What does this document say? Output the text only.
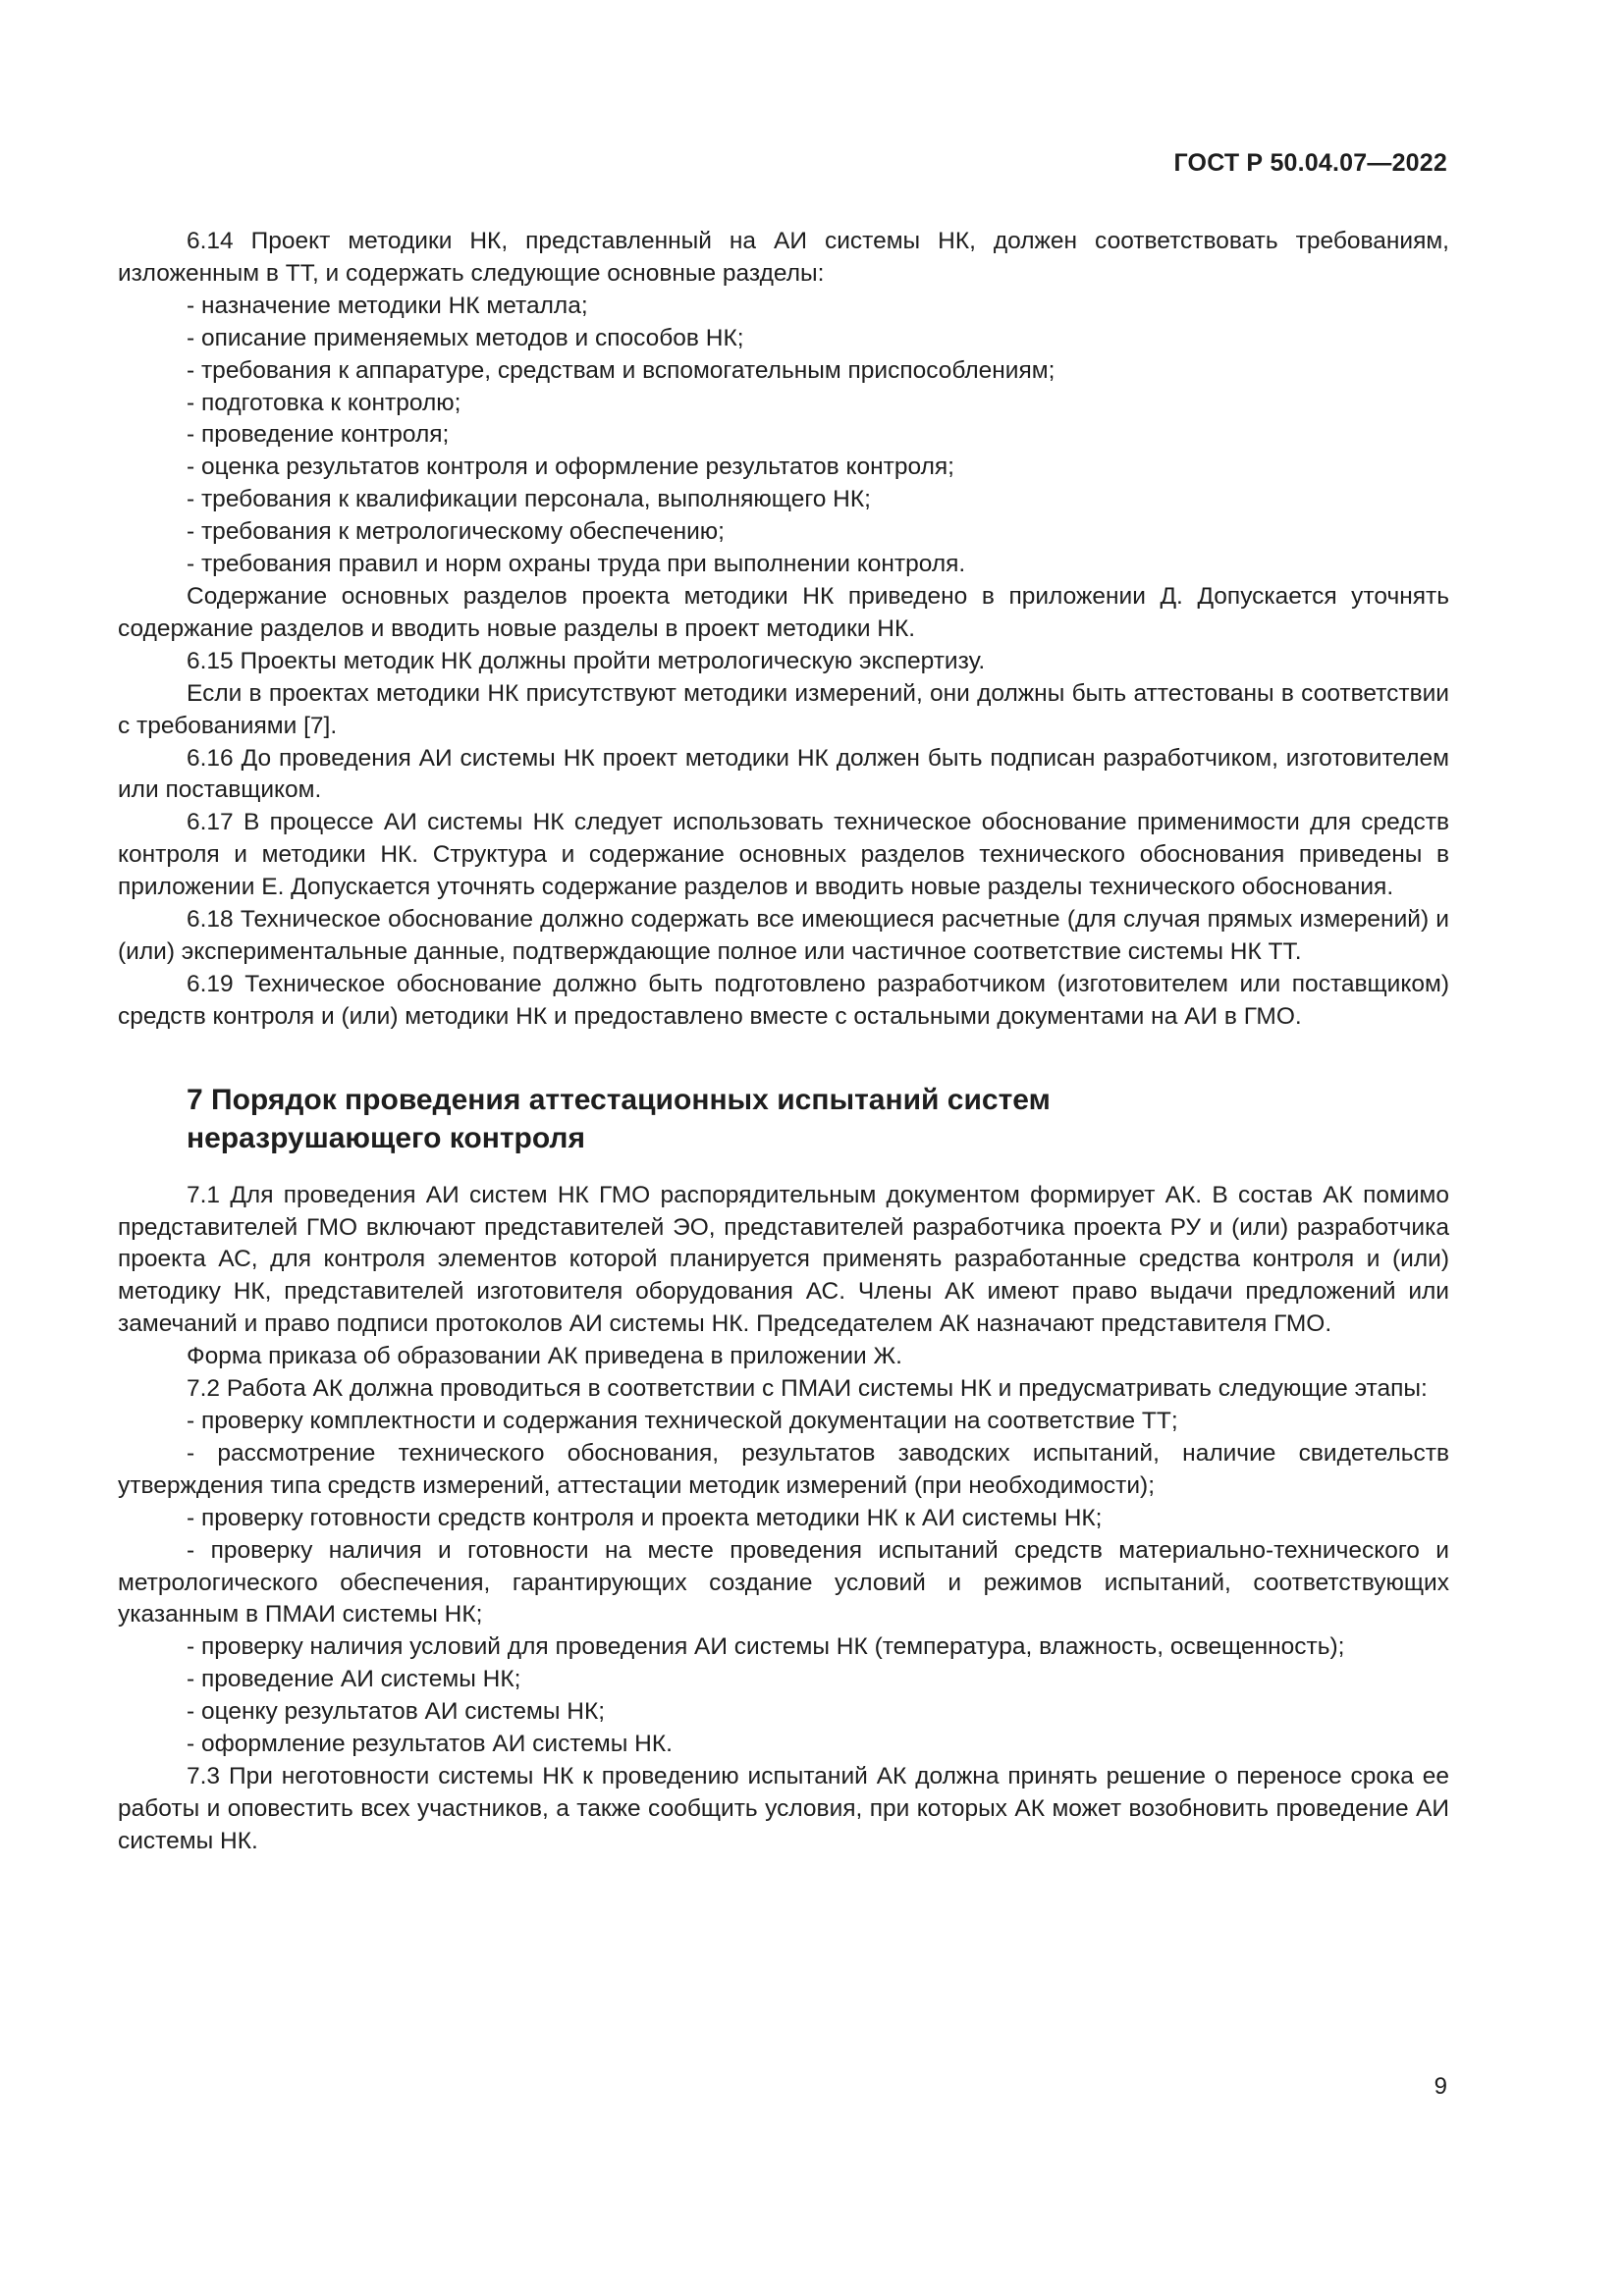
ГОСТ Р 50.04.07—2022

6.14 Проект методики НК, представленный на АИ системы НК, должен соответствовать требованиям, изложенным в ТТ, и содержать следующие основные разделы:

- назначение методики НК металла;

- описание применяемых методов и способов НК;

- требования к аппаратуре, средствам и вспомогательным приспособлениям;

- подготовка к контролю;

- проведение контроля;

- оценка результатов контроля и оформление результатов контроля;

- требования к квалификации персонала, выполняющего НК;

- требования к метрологическому обеспечению;

- требования правил и норм охраны труда при выполнении контроля.

Содержание основных разделов проекта методики НК приведено в приложении Д. Допускается уточнять содержание разделов и вводить новые разделы в проект методики НК.

6.15 Проекты методик НК должны пройти метрологическую экспертизу.

Если в проектах методики НК присутствуют методики измерений, они должны быть аттестованы в соответствии с требованиями [7].

6.16 До проведения АИ системы НК проект методики НК должен быть подписан разработчиком, изготовителем или поставщиком.

6.17 В процессе АИ системы НК следует использовать техническое обоснование применимости для средств контроля и методики НК. Структура и содержание основных разделов технического обоснования приведены в приложении Е. Допускается уточнять содержание разделов и вводить новые разделы технического обоснования.

6.18 Техническое обоснование должно содержать все имеющиеся расчетные (для случая прямых измерений) и (или) экспериментальные данные, подтверждающие полное или частичное соответствие системы НК ТТ.

6.19 Техническое обоснование должно быть подготовлено разработчиком (изготовителем или поставщиком) средств контроля и (или) методики НК и предоставлено вместе с остальными документами на АИ в ГМО.

7 Порядок проведения аттестационных испытаний систем
неразрушающего контроля

7.1 Для проведения АИ систем НК ГМО распорядительным документом формирует АК. В состав АК помимо представителей ГМО включают представителей ЭО, представителей разработчика проекта РУ и (или) разработчика проекта АС, для контроля элементов которой планируется применять разработанные средства контроля и (или) методику НК, представителей изготовителя оборудования АС. Члены АК имеют право выдачи предложений или замечаний и право подписи протоколов АИ системы НК. Председателем АК назначают представителя ГМО.

Форма приказа об образовании АК приведена в приложении Ж.

7.2 Работа АК должна проводиться в соответствии с ПМАИ системы НК и предусматривать следующие этапы:

- проверку комплектности и содержания технической документации на соответствие ТТ;

- рассмотрение технического обоснования, результатов заводских испытаний, наличие свидетельств утверждения типа средств измерений, аттестации методик измерений (при необходимости);

- проверку готовности средств контроля и проекта методики НК к АИ системы НК;

- проверку наличия и готовности на месте проведения испытаний средств материально-технического и метрологического обеспечения, гарантирующих создание условий и режимов испытаний, соответствующих указанным в ПМАИ системы НК;

- проверку наличия условий для проведения АИ системы НК (температура, влажность, освещенность);

- проведение АИ системы НК;

- оценку результатов АИ системы НК;

- оформление результатов АИ системы НК.

7.3 При неготовности системы НК к проведению испытаний АК должна принять решение о переносе срока ее работы и оповестить всех участников, а также сообщить условия, при которых АК может возобновить проведение АИ системы НК.

9
